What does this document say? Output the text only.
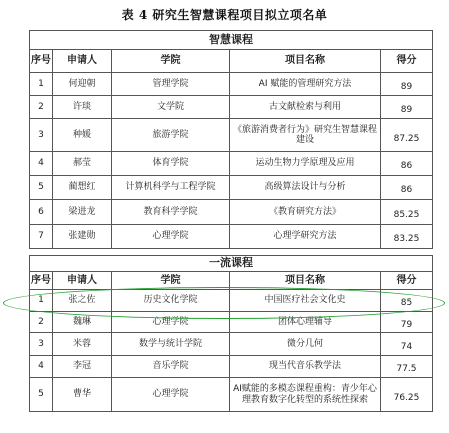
表 4 研究生智慧课程项目拟立项名单
智慧课程				
序号	申请人	学院	项目名称	得分
1	何迎朝	管理学院	AI 赋能的管理研究方法	89
2	许琰	文学院	古文献检索与利用	89
3	种媛	旅游学院	《旅游消费者行为》研究生智慧课程建设	87.25
4	郝莹	体育学院	运动生物力学原理及应用	86
5	蔺想红	计算机科学与工程学院	高级算法设计与分析	86
6	梁进龙	教育科学学院	《教育研究方法》	85.25
7	张建勋	心理学院	心理学研究方法	83.25
一流课程				
序号	申请人	学院	项目名称	得分
1	张之佐	历史文化学院	中国医疗社会文化史	85
2	魏琳	心理学院	团体心理辅导	79
3	米蓉	数学与统计学院	微分几何	74
4	李冠	音乐学院	现当代音乐教学法	77.5
5	曹华	心理学院	AI赋能的多模态课程重构：青少年心理教育数字化转型的系统性探索	76.25
